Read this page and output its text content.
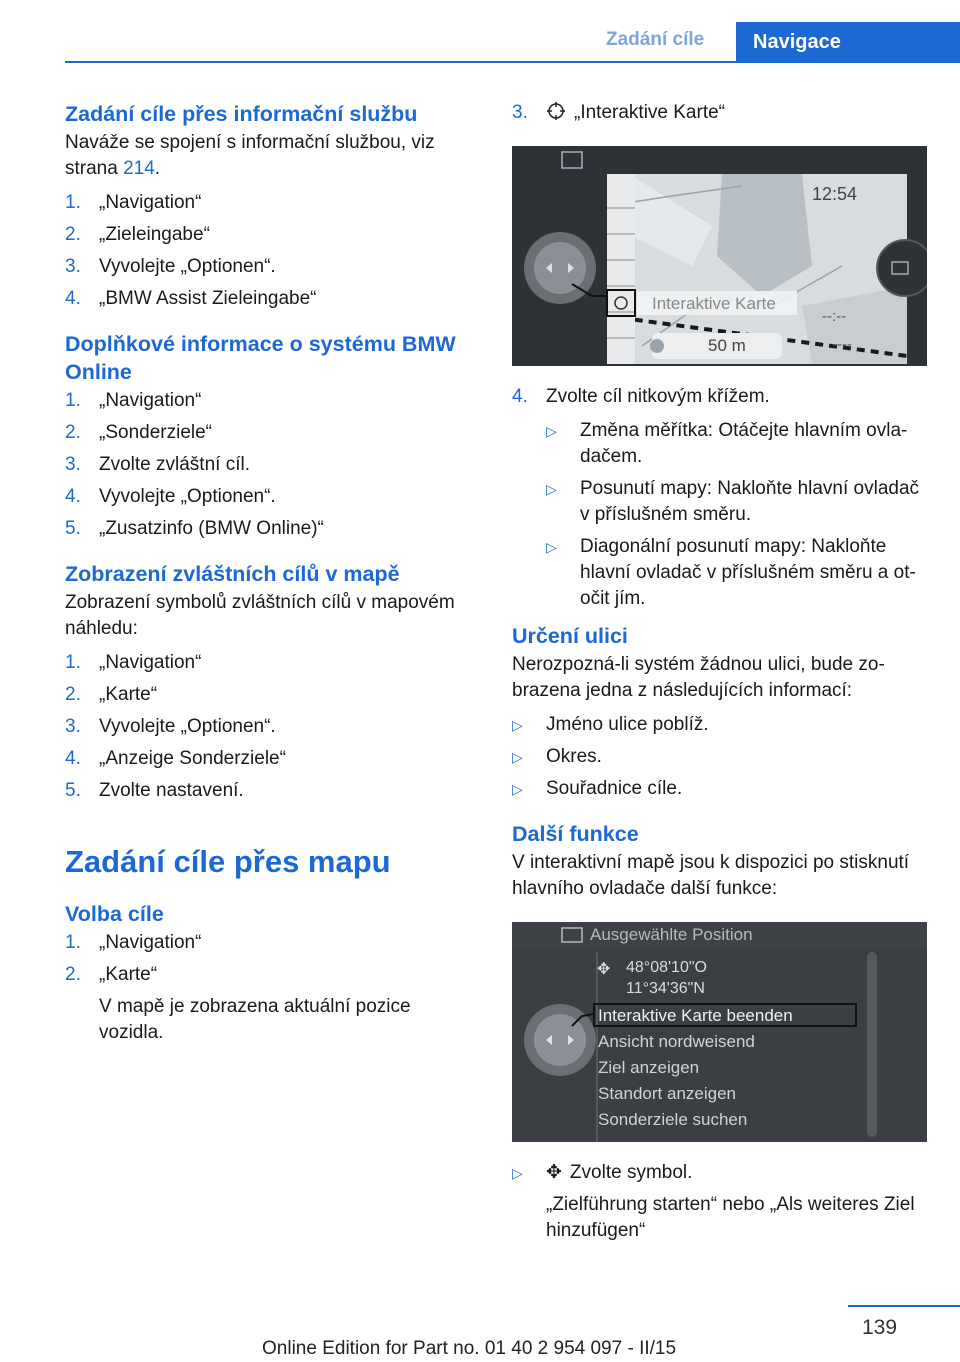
Zadání cíle	Navigace
Zadání cíle přes informační službu

Naváže se spojení s informační službou, viz strana 214.

1. „Navigation“
2. „Zieleingabe“
3. Vyvolejte „Optionen“.
4. „BMW Assist Zieleingabe“
Doplňkové informace o systému BMW Online
1. „Navigation“
2. „Sonderziele“
3. Zvolte zvláštní cíl.
4. Vyvolejte „Optionen“.
5. „Zusatzinfo (BMW Online)“
Zobrazení zvláštních cílů v mapě

Zobrazení symbolů zvláštních cílů v mapovém náhledu:

1. „Navigation“
2. „Karte“
3. Vyvolejte „Optionen“.
4. „Anzeige Sonderziele“
5. Zvolte nastavení.
Zadání cíle přes mapu
Volba cíle
1. „Navigation“
2. „Karte“
V mapě je zobrazena aktuální pozice vozidla.
3. „Interaktive Karte“
12:54
Interaktive Karte
50 m
--:--
----
4. Zvolte cíl nitkovým křížem.
▷ Změna měřítka: Otáčejte hlavním ovladačem.
▷ Posunutí mapy: Nakloňte hlavní ovladač v příslušném směru.
▷ Diagonální posunutí mapy: Nakloňte hlavní ovladač v příslušném směru a otočit jím.
Určení ulici

Nerozpozná-li systém žádnou ulici, bude zobrazena jedna z následujících informací:

▷ Jméno ulice poblíž.
▷ Okres.
▷ Souřadnice cíle.
Další funkce

V interaktivní mapě jsou k dispozici po stisknutí hlavního ovladače další funkce:

Ausgewählte Position
✥ 48°08'10"O
11°34'36"N
Interaktive Karte beenden
Ansicht nordweisend
Ziel anzeigen
Standort anzeigen
Sonderziele suchen
▷ ✥ Zvolte symbol.
„Zielführung starten“ nebo „Als weiteres Ziel hinzufügen“
139
Online Edition for Part no. 01 40 2 954 097 - II/15
